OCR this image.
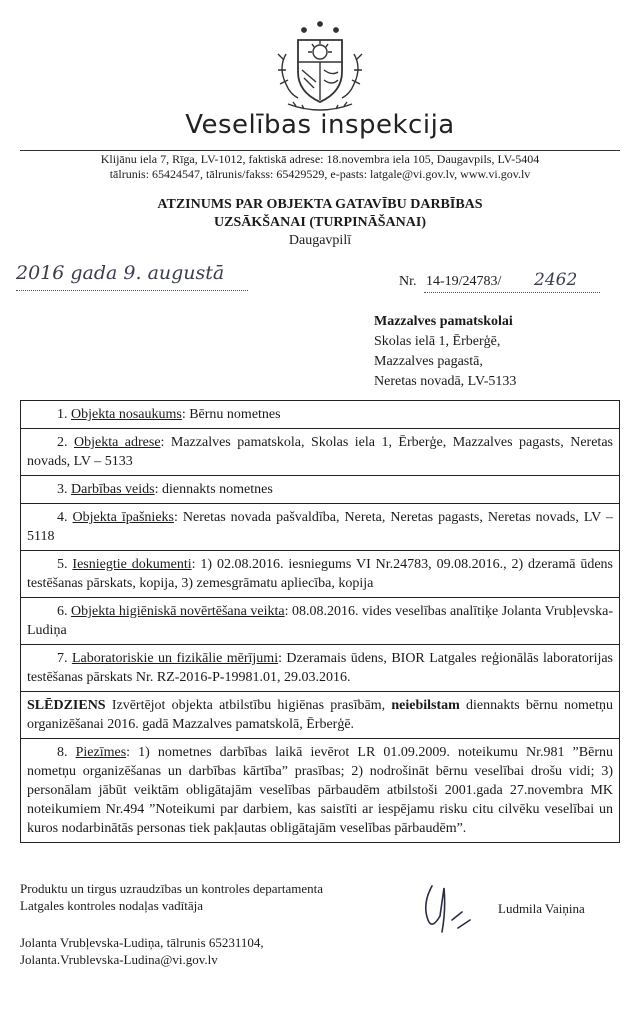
Veselības inspekcija
Klijānu iela 7, Rīga, LV-1012, faktiskā adrese: 18.novembra iela 105, Daugavpils, LV-5404
tālrunis: 65424547, tālrunis/fakss: 65429529, e-pasts: latgale@vi.gov.lv, www.vi.gov.lv
ATZINUMS PAR OBJEKTA GATAVĪBU DARBĪBAS
UZSĀKŠANAI (TURPINĀŠANAI)
Daugavpilī
2016 gada 9. augustā	Nr. 14-19/24783/ 2462
Mazzalves pamatskolai
Skolas ielā 1, Ērberģē,
Mazzalves pagastā,
Neretas novadā, LV-5133
1. Objekta nosaukums: Bērnu nometnes
2. Objekta adrese: Mazzalves pamatskola, Skolas iela 1, Ērberģe, Mazzalves pagasts, Neretas novads, LV – 5133
3. Darbības veids: diennakts nometnes
4. Objekta īpašnieks: Neretas novada pašvaldība, Nereta, Neretas pagasts, Neretas novads, LV – 5118
5. Iesniegtie dokumenti: 1) 02.08.2016. iesniegums VI Nr.24783, 09.08.2016., 2) dzeramā ūdens testēšanas pārskats, kopija, 3) zemesgrāmatu apliecība, kopija
6. Objekta higiēniskā novērtēšana veikta: 08.08.2016. vides veselības analītiķe Jolanta Vrubļevska-Ludiņa
7. Laboratoriskie un fizikālie mērījumi: Dzeramais ūdens, BIOR Latgales reģionālās laboratorijas testēšanas pārskats Nr. RZ-2016-P-19981.01, 29.03.2016.
SLĒDZIENS Izvērtējot objekta atbilstību higiēnas prasībām, neiebilstam diennakts bērnu nometņu organizēšanai 2016. gadā Mazzalves pamatskolā, Ērberģē.
8. Piezīmes: 1) nometnes darbības laikā ievērot LR 01.09.2009. noteikumu Nr.981 ”Bērnu nometņu organizēšanas un darbības kārtība” prasības; 2) nodrošināt bērnu veselībai drošu vidi; 3) personālam jābūt veiktām obligātajām veselības pārbaudēm atbilstoši 2001.gada 27.novembra MK noteikumiem Nr.494 ”Noteikumi par darbiem, kas saistīti ar iespējamu risku citu cilvēku veselībai un kuros nodarbinātās personas tiek pakļautas obligātajām veselības pārbaudēm”.
Produktu un tirgus uzraudzības un kontroles departamenta
Latgales kontroles nodaļas vadītāja	Ludmila Vaiņina
Jolanta Vrubļevska-Ludiņa, tālrunis 65231104,
Jolanta.Vrublevska-Ludina@vi.gov.lv
